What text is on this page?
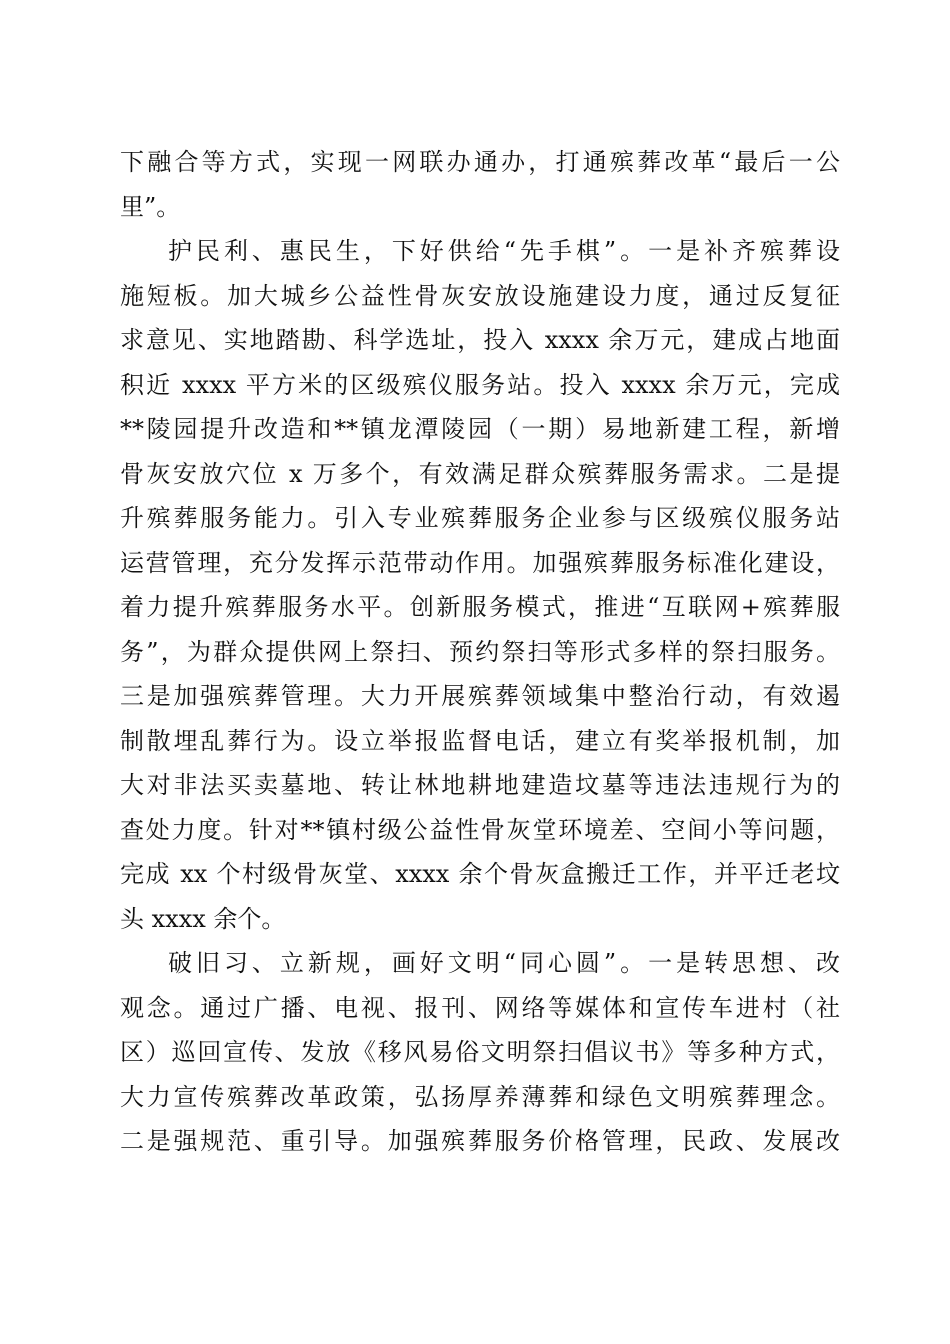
下融合等方式，实现一网联办通办，打通殡葬改革“最后一公
里”。
护民利、惠民生，下好供给“先手棋”。一是补齐殡葬设
施短板。加大城乡公益性骨灰安放设施建设力度，通过反复征
求意见、实地踏勘、科学选址，投入 xxxx 余万元，建成占地面
积近 xxxx 平方米的区级殡仪服务站。投入 xxxx 余万元，完成
**陵园提升改造和**镇龙潭陵园（一期）易地新建工程，新增
骨灰安放穴位 x 万多个，有效满足群众殡葬服务需求。二是提
升殡葬服务能力。引入专业殡葬服务企业参与区级殡仪服务站
运营管理，充分发挥示范带动作用。加强殡葬服务标准化建设，
着力提升殡葬服务水平。创新服务模式，推进“互联网+殡葬服
务”，为群众提供网上祭扫、预约祭扫等形式多样的祭扫服务。
三是加强殡葬管理。大力开展殡葬领域集中整治行动，有效遏
制散埋乱葬行为。设立举报监督电话，建立有奖举报机制，加
大对非法买卖墓地、转让林地耕地建造坟墓等违法违规行为的
查处力度。针对**镇村级公益性骨灰堂环境差、空间小等问题，
完成 xx 个村级骨灰堂、xxxx 余个骨灰盒搬迁工作，并平迁老坟
头 xxxx 余个。
破旧习、立新规，画好文明“同心圆”。一是转思想、改
观念。通过广播、电视、报刊、网络等媒体和宣传车进村（社
区）巡回宣传、发放《移风易俗文明祭扫倡议书》等多种方式，
大力宣传殡葬改革政策，弘扬厚养薄葬和绿色文明殡葬理念。
二是强规范、重引导。加强殡葬服务价格管理，民政、发展改
